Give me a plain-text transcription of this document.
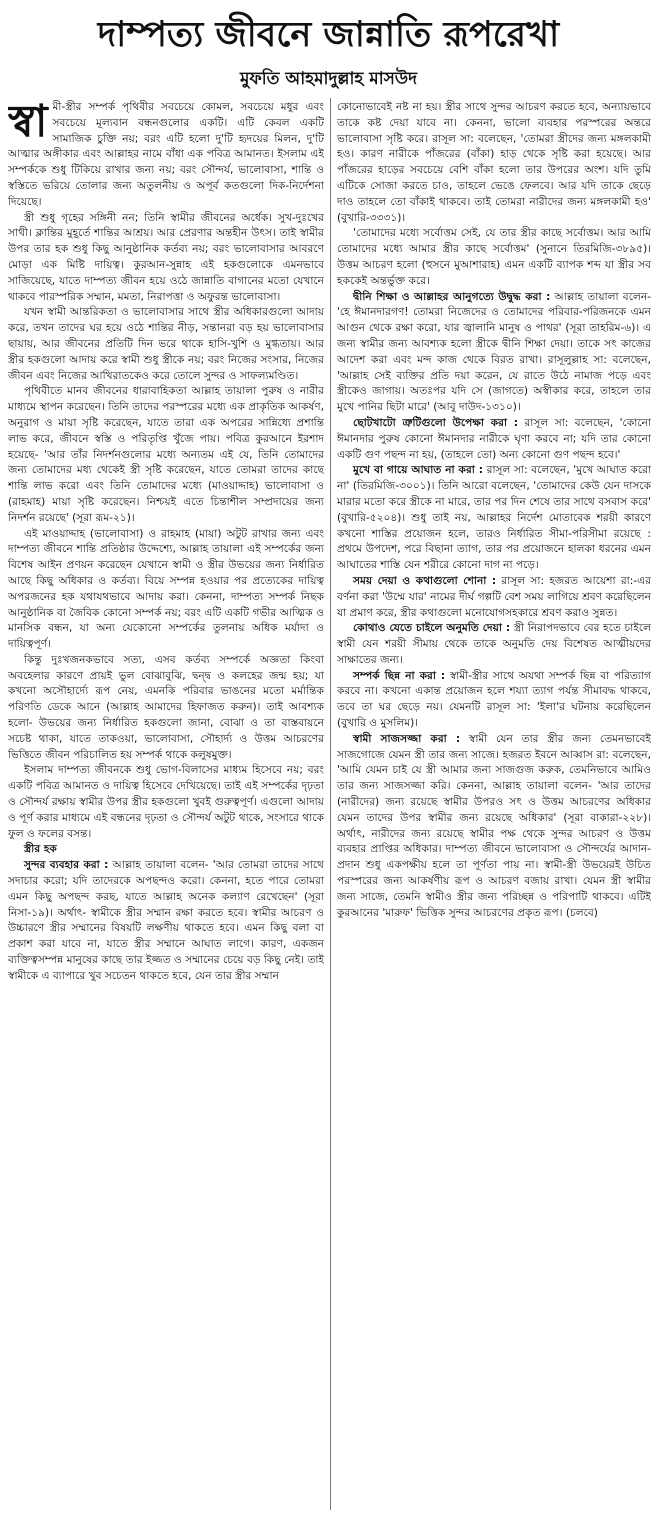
দাম্পত্য জীবনে জান্নাতি রূপরেখা
মুফতি আহমাদুল্লাহ মাসউদ

স্বা মী-স্ত্রীর সম্পর্ক পৃথিবীর সবচেয়ে কোমল, সবচেয়ে মধুর এবং সবচেয়ে মূল্যবান বন্ধনগুলোর একটি। এটি কেবল একটি সামাজিক চুক্তি নয়; বরং এটি হলো দু'টি হৃদয়ের মিলন, দু'টি আত্মার অঙ্গীকার এবং আল্লাহর নামে বাঁধা এক পবিত্র আমানত। ইসলাম এই সম্পর্ককে শুধু টিকিয়ে রাখার জন্য নয়; বরং সৌন্দর্য, ভালোবাসা, শান্তি ও স্বস্তিতে ভরিয়ে তোলার জন্য অতুলনীয় ও অপূর্ব কতগুলো দিক-নির্দেশনা দিয়েছে।

স্ত্রী শুধু গৃহের সঙ্গিনী নন; তিনি স্বামীর জীবনের অর্ধেক। সুখ-দুঃখের সাথী। ক্লান্তির মুহূর্তে শান্তির আশ্রয়। আর প্রেরণার অন্তহীন উৎস। তাই স্বামীর উপর তার হক শুধু কিছু আনুষ্ঠানিক কর্তব্য নয়; বরং ভালোবাসার আবরণে মোড়া এক মিষ্টি দায়িত্ব। কুরআন-সুন্নাহ এই হকগুলোকে এমনভাবে সাজিয়েছে, যাতে দাম্পত্য জীবন হয়ে ওঠে জান্নাতি বাগানের মতো যেখানে থাকবে পারস্পরিক সম্মান, মমতা, নিরাপত্তা ও অফুরন্ত ভালোবাসা।

যখন স্বামী আন্তরিকতা ও ভালোবাসার সাথে স্ত্রীর অধিকারগুলো আদায় করে, তখন তাদের ঘর হয়ে ওঠে শান্তির নীড়, সন্তানরা বড় হয় ভালোবাসার ছায়ায়, আর জীবনের প্রতিটি দিন ভরে থাকে হাসি-খুশি ও মুগ্ধতায়। আর স্ত্রীর হকগুলো আদায় করে স্বামী শুধু স্ত্রীকে নয়; বরং নিজের সংসার, নিজের জীবন এবং নিজের আখিরাতকেও করে তোলে সুন্দর ও সাফল্যমণ্ডিত।

পৃথিবীতে মানব জীবনের ধারাবাহিকতা আল্লাহ তায়ালা পুরুষ ও নারীর মাধ্যমে স্থাপন করেছেন। তিনি তাদের পরস্পরের মধ্যে এক প্রাকৃতিক আকর্ষণ, অনুরাগ ও মায়া সৃষ্টি করেছেন, যাতে তারা এক অপরের সান্নিধ্যে প্রশান্তি লাভ করে, জীবনে স্বস্তি ও পরিতৃপ্তি খুঁজে পায়। পবিত্র কুরআনে ইরশাদ হয়েছে- 'আর তাঁর নিদর্শনগুলোর মধ্যে অন্যতম এই যে, তিনি তোমাদের জন্য তোমাদের মধ্য থেকেই স্ত্রী সৃষ্টি করেছেন, যাতে তোমরা তাদের কাছে শান্তি লাভ করো এবং তিনি তোমাদের মধ্যে (মাওয়াদ্দাহ) ভালোবাসা ও (রাহমাহ) মায়া সৃষ্টি করেছেন। নিশ্চয়ই এতে চিন্তাশীল সম্প্রদায়ের জন্য নিদর্শন রয়েছে' (সূরা রূম-২১)।

এই মাওয়াদ্দাহ (ভালোবাসা) ও রাহমাহ (মায়া) অটুট রাখার জন্য এবং দাম্পত্য জীবনে শান্তি প্রতিষ্ঠার উদ্দেশ্যে, আল্লাহ তায়ালা এই সম্পর্কের জন্য বিশেষ আইন প্রণয়ন করেছেন যেখানে স্বামী ও স্ত্রীর উভয়ের জন্য নির্ধারিত আছে কিছু অধিকার ও কর্তব্য। বিয়ে সম্পন্ন হওয়ার পর প্রত্যেকের দায়িত্ব অপরজনের হক যথাযথভাবে আদায় করা। কেননা, দাম্পত্য সম্পর্ক নিছক আনুষ্ঠানিক বা জৈবিক কোনো সম্পর্ক নয়; বরং এটি একটি গভীর আত্মিক ও মানসিক বন্ধন, যা অন্য যেকোনো সম্পর্কের তুলনায় অধিক মর্যাদা ও দায়িত্বপূর্ণ।

কিন্তু দুঃখজনকভাবে সত্য, এসব কর্তব্য সম্পর্কে অজ্ঞতা কিংবা অবহেলার কারণে প্রায়ই ভুল বোঝাবুঝি, দ্বন্দ্ব ও কলহের জন্ম হয়; যা কখনো অসৌহার্দ্যে রূপ নেয়, এমনকি পরিবার ভাঙনের মতো মর্মান্তিক পরিণতি ডেকে আনে (আল্লাহ আমাদের হিফাজত করুন)। তাই আবশ্যক হলো- উভয়ের জন্য নির্ধারিত হকগুলো জানা, বোঝা ও তা বাস্তবায়নে সচেষ্ট থাকা, যাতে তাকওয়া, ভালোবাসা, সৌহার্দ্য ও উত্তম আচরণের ভিত্তিতে জীবন পরিচালিত হয় সম্পর্ক থাকে কলুষমুক্ত।

ইসলাম দাম্পত্য জীবনকে শুধু ভোগ-বিলাসের মাধ্যম হিসেবে নয়; বরং একটি পবিত্র আমানত ও দায়িত্ব হিসেবে দেখিয়েছে। তাই এই সম্পর্কের দৃঢ়তা ও সৌন্দর্য রক্ষায় স্বামীর উপর স্ত্রীর হকগুলো খুবই গুরুত্বপূর্ণ। এগুলো আদায় ও পূর্ণ করার মাধ্যমে এই বন্ধনের দৃঢ়তা ও সৌন্দর্য অটুট থাকে, সংসারে থাকে ফুল ও ফলের বসন্ত।

স্ত্রীর হক

সুন্দর ব্যবহার করা : আল্লাহ তায়ালা বলেন- 'আর তোমরা তাদের সাথে সদাচার করো; যদি তাদেরকে অপছন্দও করো। কেননা, হতে পারে তোমরা এমন কিছু অপছন্দ করছ, যাতে আল্লাহ অনেক কল্যাণ রেখেছেন' (সূরা নিসা-১৯)। অর্থাৎ- স্বামীকে স্ত্রীর সম্মান রক্ষা করতে হবে। স্বামীর আচরণ ও উচ্চারণে স্ত্রীর সম্মানের বিষয়টি লক্ষণীয় থাকতে হবে। এমন কিছু বলা বা প্রকাশ করা যাবে না, যাতে স্ত্রীর সম্মানে আঘাত লাগে। কারণ, একজন ব্যক্তিত্বসম্পন্ন মানুষের কাছে তার ইজ্জত ও সম্মানের চেয়ে বড় কিছু নেই। তাই স্বামীকে এ ব্যাপারে খুব সচেতন থাকতে হবে, যেন তার স্ত্রীর সম্মান

কোনোভাবেই নষ্ট না হয়। স্ত্রীর সাথে সুন্দর আচরণ করতে হবে, অন্যায়ভাবে তাকে কষ্ট দেয়া যাবে না। কেননা, ভালো ব্যবহার পরস্পরের অন্তরে ভালোবাসা সৃষ্টি করে। রাসূল সা: বলেছেন, 'তোমরা স্ত্রীদের জন্য মঙ্গলকামী হও। কারণ নারীকে পাঁজরের (বাঁকা) হাড় থেকে সৃষ্টি করা হয়েছে। আর পাঁজরের হাড়ের সবচেয়ে বেশি বাঁকা হলো তার উপরের অংশ। যদি তুমি এটিকে সোজা করতে চাও, তাহলে ভেঙে ফেলবে। আর যদি তাকে ছেড়ে দাও তাহলে তো বাঁকাই থাকবে। তাই তোমরা নারীদের জন্য মঙ্গলকামী হও' (বুখারি-৩৩৩১)।

'তোমাদের মধ্যে সর্বোত্তম সেই, যে তার স্ত্রীর কাছে সর্বোত্তম। আর আমি তোমাদের মধ্যে আমার স্ত্রীর কাছে সর্বোত্তম' (সুনানে তিরমিজি-৩৮৯৫)। উত্তম আচরণ হলো (হুসনে মুআশারাহ) এমন একটি ব্যাপক শব্দ যা স্ত্রীর সব হককেই অন্তর্ভুক্ত করে।

দ্বীনি শিক্ষা ও আল্লাহর আনুগত্যে উদ্বুদ্ধ করা : আল্লাহ তায়ালা বলেন- 'হে ঈমানদারগণ! তোমরা নিজেদের ও তোমাদের পরিবার-পরিজনকে এমন আগুন থেকে রক্ষা করো, যার জ্বালানি মানুষ ও পাথর' (সূরা তাহরিম-৬)। এ জন্য স্বামীর জন্য আবশ্যক হলো স্ত্রীকে দ্বীনি শিক্ষা দেয়া। তাকে সৎ কাজের আদেশ করা এবং মন্দ কাজ থেকে বিরত রাখা। রাসূলুল্লাহ সা: বলেছেন, 'আল্লাহ সেই ব্যক্তির প্রতি দয়া করেন, যে রাতে উঠে নামাজ পড়ে এবং স্ত্রীকেও জাগায়। অতঃপর যদি সে (জাগতে) অস্বীকার করে, তাহলে তার মুখে পানির ছিটা মারে' (আবু দাউদ-১৩১০)।

ছোটখাটো ত্রুটিগুলো উপেক্ষা করা : রাসূল সা: বলেছেন, 'কোনো ঈমানদার পুরুষ কোনো ঈমানদার নারীকে ঘৃণা করবে না; যদি তার কোনো একটি গুণ পছন্দ না হয়, (তাহলে তো) অন্য কোনো গুণ পছন্দ হবে।'

মুখে বা গায়ে আঘাত না করা : রাসূল সা: বলেছেন, 'মুখে আঘাত করো না' (তিরমিজি-৩০০১)। তিনি আরো বলেছেন, 'তোমাদের কেউ যেন দাসকে মারার মতো করে স্ত্রীকে না মারে, তার পর দিন শেষে তার সাথে বসবাস করে' (বুখারি-৫২০৪)। শুধু তাই নয়, আল্লাহর নির্দেশ মোতাবেক শরয়ী কারণে কখনো শাস্তির প্রয়োজন হলে, তারও নির্ধারিত সীমা-পরিসীমা রয়েছে : প্রথমে উপদেশ, পরে বিছানা ত্যাগ, তার পর প্রয়োজনে হালকা ধরনের এমন আঘাতের শাস্তি যেন শরীরে কোনো দাগ না পড়ে।

সময় দেয়া ও কথাগুলো শোনা : রাসূল সা: হজরত আয়েশা রা:-এর বর্ণনা করা 'উম্মে যার' নামের দীর্ঘ গল্পটি বেশ সময় লাগিয়ে শ্রবণ করেছিলেন যা প্রমাণ করে, স্ত্রীর কথাগুলো মনোযোগসহকারে শ্রবণ করাও সুন্নত।

কোথাও যেতে চাইলে অনুমতি দেয়া : স্ত্রী নিরাপদভাবে বের হতে চাইলে স্বামী যেন শরয়ী সীমায় থেকে তাকে অনুমতি দেয় বিশেষত আত্মীয়দের সাক্ষাতের জন্য।

সম্পর্ক ছিন্ন না করা : স্বামী-স্ত্রীর সাথে অযথা সম্পর্ক ছিন্ন বা পরিত্যাগ করবে না। কখনো একান্ত প্রয়োজন হলে শয্যা ত্যাগ পর্যন্ত সীমাবদ্ধ থাকবে, তবে তা ঘর ছেড়ে নয়। যেমনটি রাসূল সা: 'ইলা'র ঘটনায় করেছিলেন (বুখারি ও মুসলিম)।

স্বামী সাজসজ্জা করা : স্বামী যেন তার স্ত্রীর জন্য তেমনভাবেই সাজগোজে যেমন স্ত্রী তার জন্য সাজে। হজরত ইবনে আব্বাস রা: বলেছেন, 'আমি যেমন চাই যে স্ত্রী আমার জন্য সাজগুজ করুক, তেমনিভাবে আমিও তার জন্য সাজসজ্জা করি। কেননা, আল্লাহ তায়ালা বলেন- 'আর তাদের (নারীদের) জন্য রয়েছে স্বামীর উপরও সৎ ও উত্তম আচরণের অধিকার যেমন তাদের উপর স্বামীর জন্য রয়েছে অধিকার' (সূরা বাকারা-২২৮)। অর্থাৎ, নারীদের জন্য রয়েছে স্বামীর পক্ষ থেকে সুন্দর আচরণ ও উত্তম ব্যবহার প্রাপ্তির অধিকার। দাম্পত্য জীবনে ভালোবাসা ও সৌন্দর্যের আদান-প্রদান শুধু একপক্ষীয় হলে তা পূর্ণতা পায় না। স্বামী-স্ত্রী উভয়েরই উচিত পরস্পরের জন্য আকর্ষণীয় রূপ ও আচরণ বজায় রাখা। যেমন স্ত্রী স্বামীর জন্য সাজে, তেমনি স্বামীও স্ত্রীর জন্য পরিচ্ছন্ন ও পরিপাটি থাকবে। এটিই কুরআনের 'মারুফ' ভিত্তিক সুন্দর আচরণের প্রকৃত রূপ। (চলবে)
